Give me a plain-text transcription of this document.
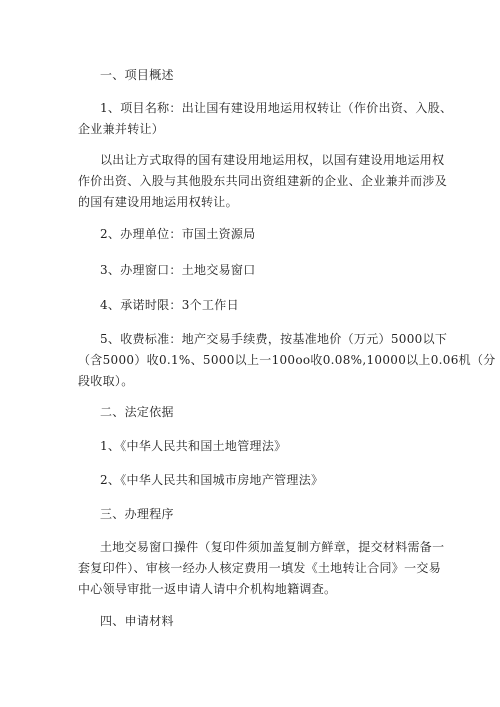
一、项目概述
1、项目名称：出让国有建设用地运用权转让（作价出资、入股、
企业兼并转让）
以出让方式取得的国有建设用地运用权，以国有建设用地运用权
作价出资、入股与其他股东共同出资组建新的企业、企业兼并而涉及
的国有建设用地运用权转让。
2、办理单位：市国土资源局
3、办理窗口：土地交易窗口
4、承诺时限：3个工作日
5、收费标准：地产交易手续费，按基准地价（万元）5000以下
（含5000）收0.1%、5000以上一100oo收0.08%,10000以上0.06机（分
段收取）。
二、法定依据
1、《中华人民共和国土地管理法》
2、《中华人民共和国城市房地产管理法》
三、办理程序
土地交易窗口操件（复印件须加盖复制方鲜章，提交材料需备一
套复印件）、审核一经办人核定费用一填发《土地转让合同》一交易
中心领导审批一返申请人请中介机构地籍调查。
四、申请材料
